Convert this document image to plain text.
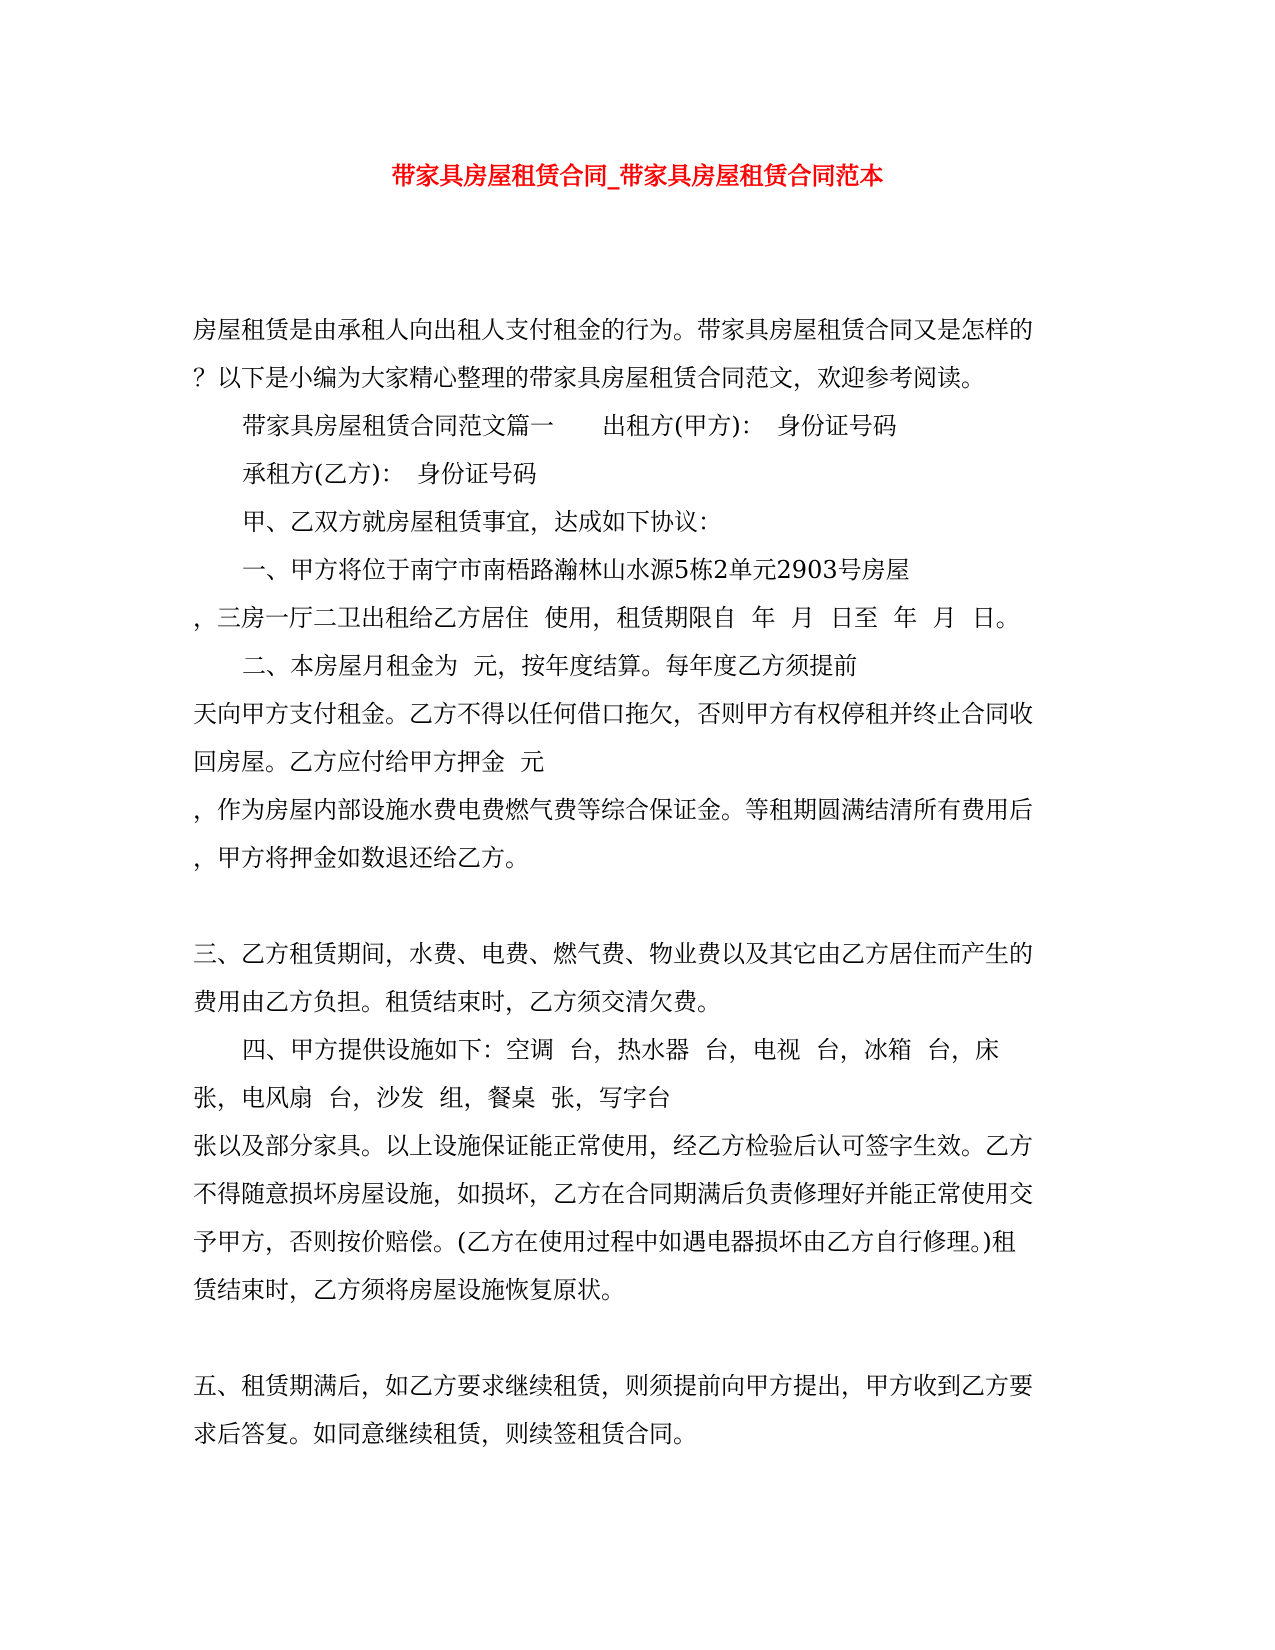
带家具房屋租赁合同_带家具房屋租赁合同范本

房屋租赁是由承租人向出租人支付租金的行为。带家具房屋租赁合同又是怎样的

？以下是小编为大家精心整理的带家具房屋租赁合同范文，欢迎参考阅读。

带家具房屋租赁合同范文篇一　　出租方(甲方)：　身份证号码

承租方(乙方)：　身份证号码

甲、乙双方就房屋租赁事宜，达成如下协议：

一、甲方将位于南宁市南梧路瀚林山水源5栋2单元2903号房屋

，三房一厅二卫出租给乙方居住  使用，租赁期限自  年  月  日至  年  月  日。

二、本房屋月租金为  元，按年度结算。每年度乙方须提前

天向甲方支付租金。乙方不得以任何借口拖欠，否则甲方有权停租并终止合同收

回房屋。乙方应付给甲方押金  元

，作为房屋内部设施水费电费燃气费等综合保证金。等租期圆满结清所有费用后

，甲方将押金如数退还给乙方。

三、乙方租赁期间，水费、电费、燃气费、物业费以及其它由乙方居住而产生的

费用由乙方负担。租赁结束时，乙方须交清欠费。

四、甲方提供设施如下：空调  台，热水器  台，电视  台，冰箱  台，床

张，电风扇  台，沙发  组，餐桌  张，写字台

张以及部分家具。以上设施保证能正常使用，经乙方检验后认可签字生效。乙方

不得随意损坏房屋设施，如损坏，乙方在合同期满后负责修理好并能正常使用交

予甲方，否则按价赔偿。(乙方在使用过程中如遇电器损坏由乙方自行修理。)租

赁结束时，乙方须将房屋设施恢复原状。

五、租赁期满后，如乙方要求继续租赁，则须提前向甲方提出，甲方收到乙方要

求后答复。如同意继续租赁，则续签租赁合同。
